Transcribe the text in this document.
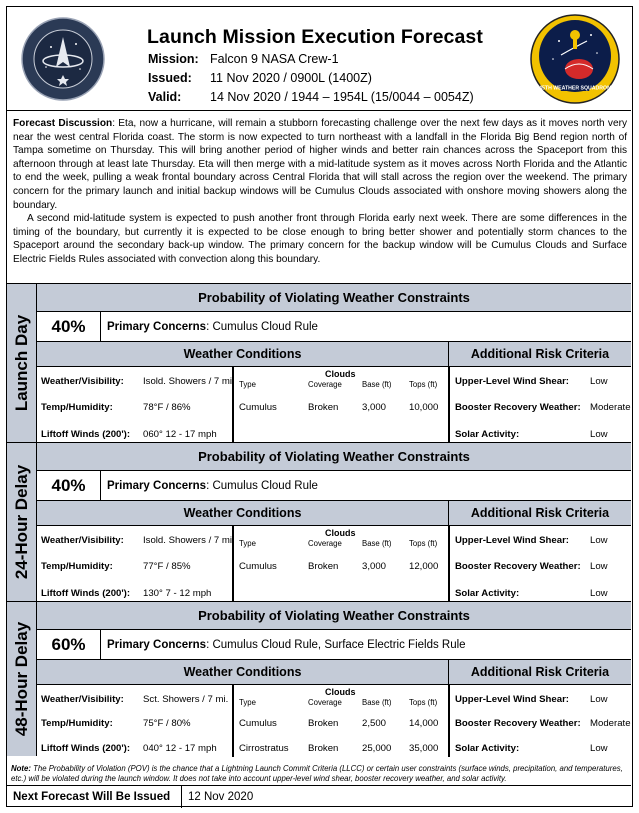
Launch Mission Execution Forecast
Mission: Falcon 9 NASA Crew-1
Issued: 11 Nov 2020 / 0900L (1400Z)
Valid: 14 Nov 2020 / 1944 – 1954L (15/0044 – 0054Z)
45TH WEATHER SQUADRON

Forecast Discussion: Eta, now a hurricane, will remain a stubborn forecasting challenge over the next few days as it moves north very near the west central Florida coast. The storm is now expected to turn northeast with a landfall in the Florida Big Bend region north of Tampa sometime on Thursday. This will bring another period of higher winds and better rain chances across the Spaceport from this afternoon through at least late Thursday. Eta will then merge with a mid-latitude system as it moves across North Florida and the Atlantic to end the week, pulling a weak frontal boundary across Central Florida that will stall across the region over the weekend. The primary concern for the primary launch and initial backup windows will be Cumulus Clouds associated with onshore moving showers along the boundary.

A second mid-latitude system is expected to push another front through Florida early next week. There are some differences in the timing of the boundary, but currently it is expected to be close enough to bring better shower and potentially storm chances to the Spaceport around the secondary back-up window. The primary concern for the backup window will be Cumulus Clouds and Surface Electric Fields Rules associated with convection along this boundary.

Launch Day
Probability of Violating Weather Constraints
40%	Primary Concerns: Cumulus Cloud Rule
Weather Conditions	Additional Risk Criteria
Weather/Visibility: Isold. Showers / 7 mi.
Temp/Humidity:	78°F / 86%
Liftoff Winds (200'): 060° 12 - 17 mph
Clouds
Type	Coverage	Base (ft) Tops (ft)
Cumulus	Broken 3,000 10,000
Upper-Level Wind Shear: Low
Booster Recovery Weather: Moderate
Solar Activity:	Low
24-Hour Delay
Probability of Violating Weather Constraints
40%	Primary Concerns: Cumulus Cloud Rule
Weather Conditions	Additional Risk Criteria
Weather/Visibility: Isold. Showers / 7 mi.
Temp/Humidity:	77°F / 85%
Liftoff Winds (200'): 130° 7 - 12 mph
Clouds
Type	Coverage	Base (ft) Tops (ft)
Cumulus	Broken 3,000 12,000
Upper-Level Wind Shear: Low
Booster Recovery Weather: Low
Solar Activity:	Low
48-Hour Delay
Probability of Violating Weather Constraints
60%	Primary Concerns: Cumulus Cloud Rule, Surface Electric Fields Rule
Weather Conditions	Additional Risk Criteria
Weather/Visibility: Sct. Showers / 7 mi.
Temp/Humidity:	75°F / 80%
Liftoff Winds (200'): 040° 12 - 17 mph
Clouds
Type	Coverage	Base (ft) Tops (ft)
Cumulus	Broken 2,500 14,000
Cirrostratus Broken 25,000 35,000
Upper-Level Wind Shear: Low
Booster Recovery Weather: Moderate
Solar Activity:	Low
Note: The Probability of Violation (POV) is the chance that a Lightning Launch Commit Criteria (LLCC) or certain user constraints (surface winds, precipitation, and temperatures, etc.) will be violated during the launch window. It does not take into account upper-level wind shear, booster recovery weather, and solar activity.
Next Forecast Will Be Issued	12 Nov 2020
